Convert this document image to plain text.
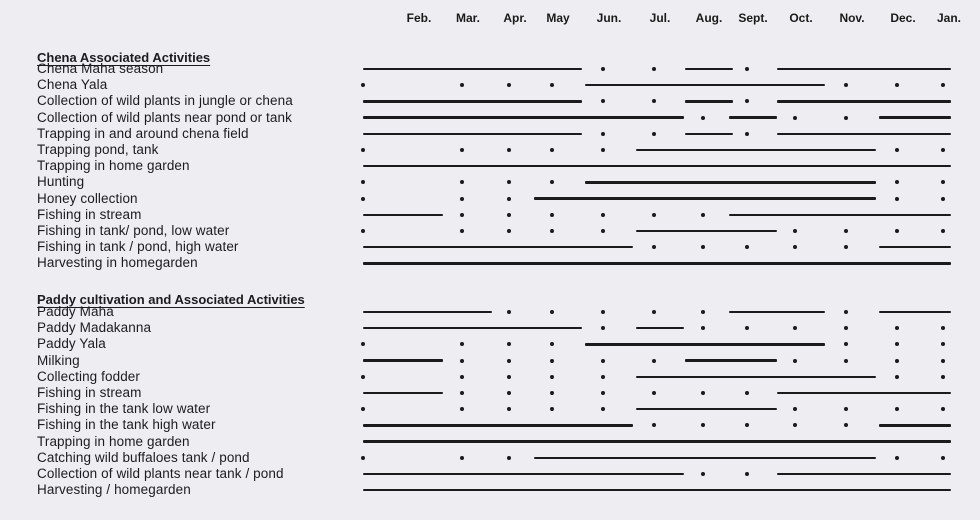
Feb. Mar. Apr. May Jun. Jul. Aug. Sept. Oct. Nov. Dec. Jan.
Chena Associated Activities
Chena Maha season
Chena Yala
Collection of wild plants in jungle or chena
Collection of wild plants near pond or tank
Trapping in and around chena field
Trapping pond, tank
Trapping in home garden
Hunting
Honey collection
Fishing in stream
Fishing in tank/ pond, low water
Fishing in tank / pond, high water
Harvesting in homegarden
Paddy cultivation and Associated Activities
Paddy Maha
Paddy Madakanna
Paddy Yala
Milking
Collecting fodder
Fishing in stream
Fishing in the tank low water
Fishing in the tank high water
Trapping in home garden
Catching wild buffaloes tank / pond
Collection of wild plants near tank / pond
Harvesting / homegarden
